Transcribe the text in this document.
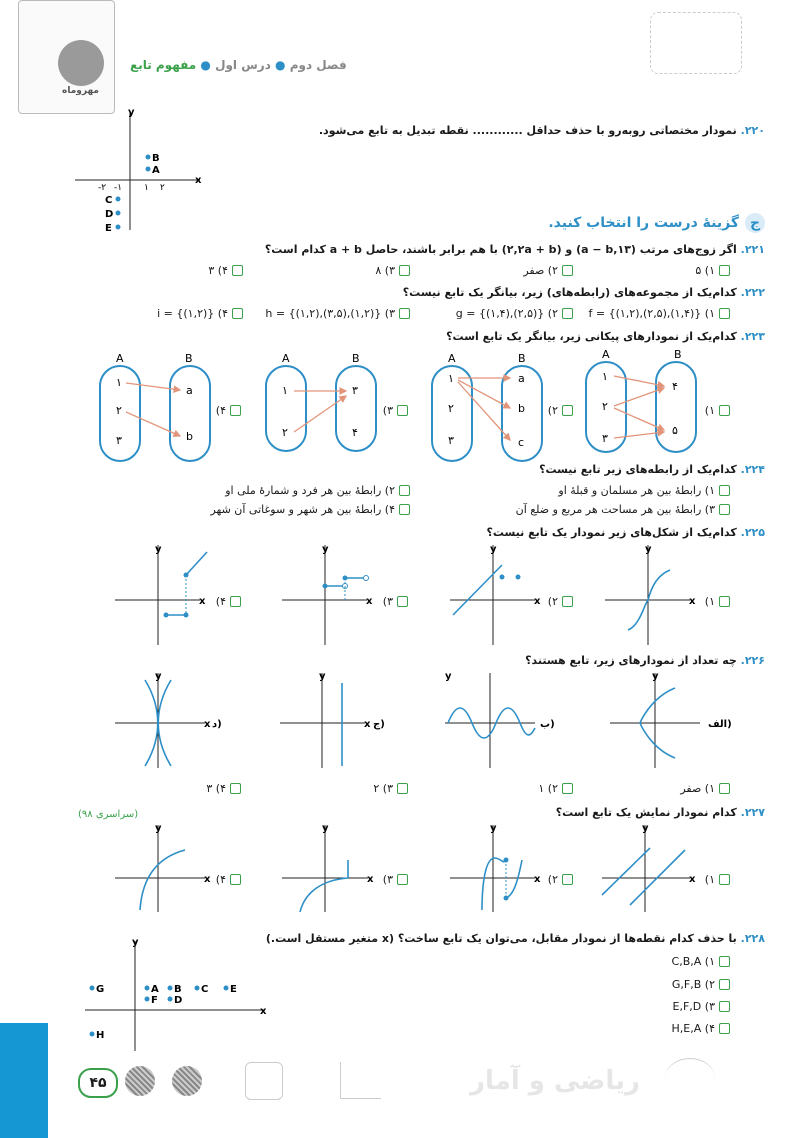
مهروماه
فصل دوم ● درس اول ● مفهوم تابع
۲۲۰. نمودار مختصاتی روبه‌رو با حذف حداقل ............ نقطه تبدیل به تابع می‌شود.
x
y
-۲ -۱ ۱ ۲
B
A
C
D
E	ج
گزینهٔ درست را انتخاب کنید.
۲۲۱. اگر زوج‌های مرتب (a − b,۱۳) و (۲,۲a + b) با هم برابر باشند، حاصل a + b کدام است؟
۱) ۵
۲) صفر
۳) ۸
۴) ۳
۲۲۲. کدام‌یک از مجموعه‌های (رابطه‌های) زیر، بیانگر یک تابع نیست؟
۱) f = {(۱,۲),(۲,۵),(۱,۴)}
۲) g = {(۱,۴),(۲,۵)}
۳) h = {(۱,۲),(۳,۵),(۱,۲)}
۴) i = {(۱,۲)}
۲۲۳. کدام‌یک از نمودارهای پیکانی زیر، بیانگر یک تابع است؟
A	B
۱
۲
۳
a
b
A	B
۱
۲
۳
۴
A	B
۱
۲
۳
a
b
c
A	B
۱
۲
۳
۴
۵
۱)
۲)
۳)
۴)
۲۲۴. کدام‌یک از رابطه‌های زیر تابع نیست؟
۱) رابطهٔ بین هر مسلمان و قبلهٔ او
۲) رابطهٔ بین هر فرد و شمارهٔ ملی او
۳) رابطهٔ بین هر مساحت هر مربع و ضلع آن
۴) رابطهٔ بین هر شهر و سوغاتی آن شهر
۲۲۵. کدام‌یک از شکل‌های زیر نمودار یک تابع نیست؟
x
y
x
y
x
y
x
y
۱)
۲)
۳)
۴)
۲۲۶. چه تعداد از نمودارهای زیر، تابع هستند؟
x
y
د)	x
y
ج)
y
ب)
y
الف)
۱) صفر
۲) ۱
۳) ۲
۴) ۳
۲۲۷. کدام نمودار نمایش یک تابع است؟
(سراسری ۹۸)
x
y
x
y
x
y
x
y
۱)
۲)
۳)
۴)
۲۲۸. با حذف کدام نقطه‌ها از نمودار مقابل، می‌توان یک تابع ساخت؟ (x متغیر مستقل است.)
۱) C,B,A
۲) G,F,B
۳) E,F,D
۴) H,E,A
x
y
G	A B C E
F D
H
۴۵	ریاضی و آمار
